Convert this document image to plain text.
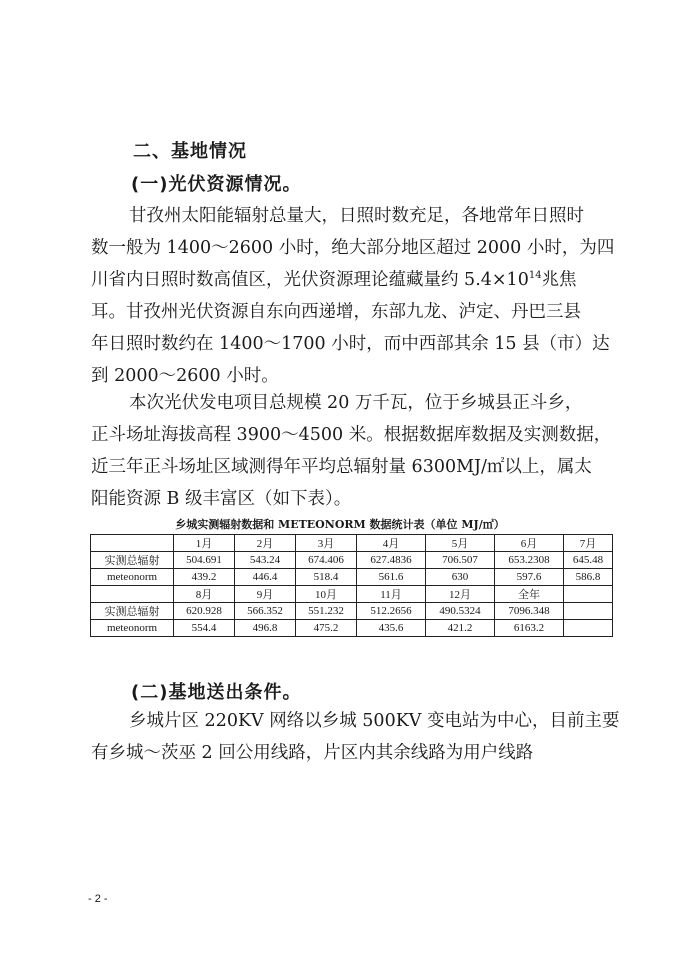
二、基地情况
(一)光伏资源情况。
甘孜州太阳能辐射总量大，日照时数充足，各地常年日照时
数一般为 1400～2600 小时，绝大部分地区超过 2000 小时，为四
川省内日照时数高值区，光伏资源理论蕴藏量约 $5.4\times 10^{14}$兆焦
耳。甘孜州光伏资源自东向西递增，东部九龙、泸定、丹巴三县
年日照时数约在 1400～1700 小时，而中西部其余 15 县（市）达
到 2000～2600 小时。
本次光伏发电项目总规模 20 万千瓦，位于乡城县正斗乡，
正斗场址海拔高程 3900～4500 米。根据数据库数据及实测数据，
近三年正斗场址区域测得年平均总辐射量 6300MJ/㎡以上，属太
阳能资源 B 级丰富区（如下表）。
乡城实测辐射数据和 METEONORM 数据统计表（单位 MJ/㎡）
	1月	2月	3月	4月	5月	6月	7月
实测总辐射	504.691	543.24	674.406	627.4836	706.507	653.2308	645.48
meteonorm	439.2	446.4	518.4	561.6	630	597.6	586.8
	8月	9月	10月	11月	12月	全年	
实测总辐射	620.928	566.352	551.232	512.2656	490.5324	7096.348	
meteonorm	554.4	496.8	475.2	435.6	421.2	6163.2	
(二)基地送出条件。
乡城片区 220KV 网络以乡城 500KV 变电站为中心，目前主要
有乡城～茨巫 2 回公用线路，片区内其余线路为用户线路
- 2 -
